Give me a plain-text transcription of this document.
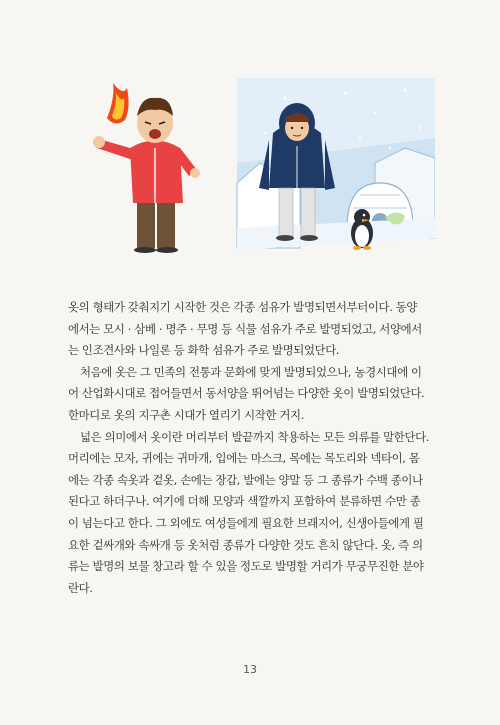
옷의 형태가 갖춰지기 시작한 것은 각종 섬유가 발명되면서부터이다. 동양
에서는 모시 · 삼베 · 명주 · 무명 등 식물 섬유가 주로 발명되었고, 서양에서
는 인조견사와 나일론 등 화학 섬유가 주로 발명되었단다.
처음에 옷은 그 민족의 전통과 문화에 맞게 발명되었으나, 농경시대에 이
어 산업화시대로 접어들면서 동서양을 뛰어넘는 다양한 옷이 발명되었단다.
한마디로 옷의 지구촌 시대가 열리기 시작한 거지.
넓은 의미에서 옷이란 머리부터 발끝까지 착용하는 모든 의류를 말한단다.
머리에는 모자, 귀에는 귀마개, 입에는 마스크, 목에는 목도리와 넥타이, 몸
에는 각종 속옷과 겉옷, 손에는 장갑, 발에는 양말 등 그 종류가 수백 종이나
된다고 하더구나. 여기에 더해 모양과 색깔까지 포함하여 분류하면 수만 종
이 넘는다고 한다. 그 외에도 여성들에게 필요한 브래지어, 신생아들에게 필
요한 겉싸개와 속싸개 등 옷처럼 종류가 다양한 것도 흔치 않단다. 옷, 즉 의
류는 발명의 보물 창고라 할 수 있을 정도로 발명할 거리가 무궁무진한 분야
란다.
13
